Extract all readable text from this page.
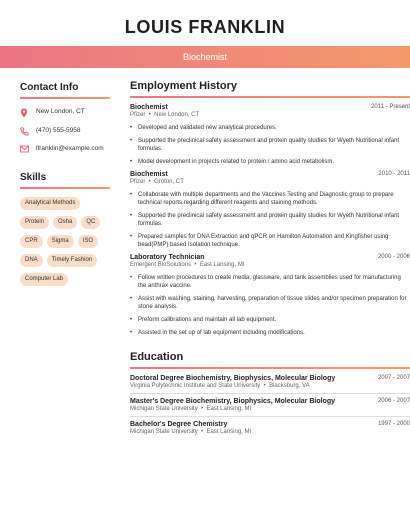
LOUIS FRANKLIN
Biochemist
Contact Info
New London, CT
(470) 555-5958
lfranklin@example.com
Skills
Analytical Methods
Protein	Osha	QC
CPR	Sigma	ISO
DNA	Timely Fashion
Computer Lab
Employment History
Biochemist	2011 - Present
Pfizer  •  New London, CT
• Developed and validated new analytical procedures.
• Supported the preclinical safety assessment and protein quality studies for Wyeth Nutritional infant formulas.
• Model development in projects related to protein / amino acid metabolism.
Biochemist	2010 - 2011
Pfizer  •  Groton, CT
• Collaborate with multiple departments and the Vaccines Testing and Diagnostic group to prepare technical reports regarding different reagents and staining methods.
• Supported the preclinical safety assessment and protein quality studies for Wyeth Nutritional infant formulas.
• Prepared samples for DNA Extraction and qPCR on Hamilton Automation and Kingfisher using bead(PMP) based Isolation technique.
Laboratory Technician	2000 - 2006
Emergent BioSolutions  •  East Lansing, MI
• Follow written procedures to create media, glassware, and tank assemblies used for manufacturing the anthrax vaccine.
• Assist with washing, staining, harvesting, preparation of tissue slides and/or specimen preparation for stone analysis.
• Preform calibrations and maintain all lab equipment.
• Assisted in the set up of lab equipment including modifications.
Education
Doctoral Degree Biochemistry, Biophysics, Molecular Biology	2007 - 2007
Virginia Polytechnic Institute and State University  •  Blacksburg, VA
Master's Degree Biochemistry, Biophysics, Molecular Biology	2006 - 2007
Michigan State University  •  East Lansing, MI
Bachelor's Degree Chemistry	1997 - 2000
Michigan State University  •  East Lansing, MI
